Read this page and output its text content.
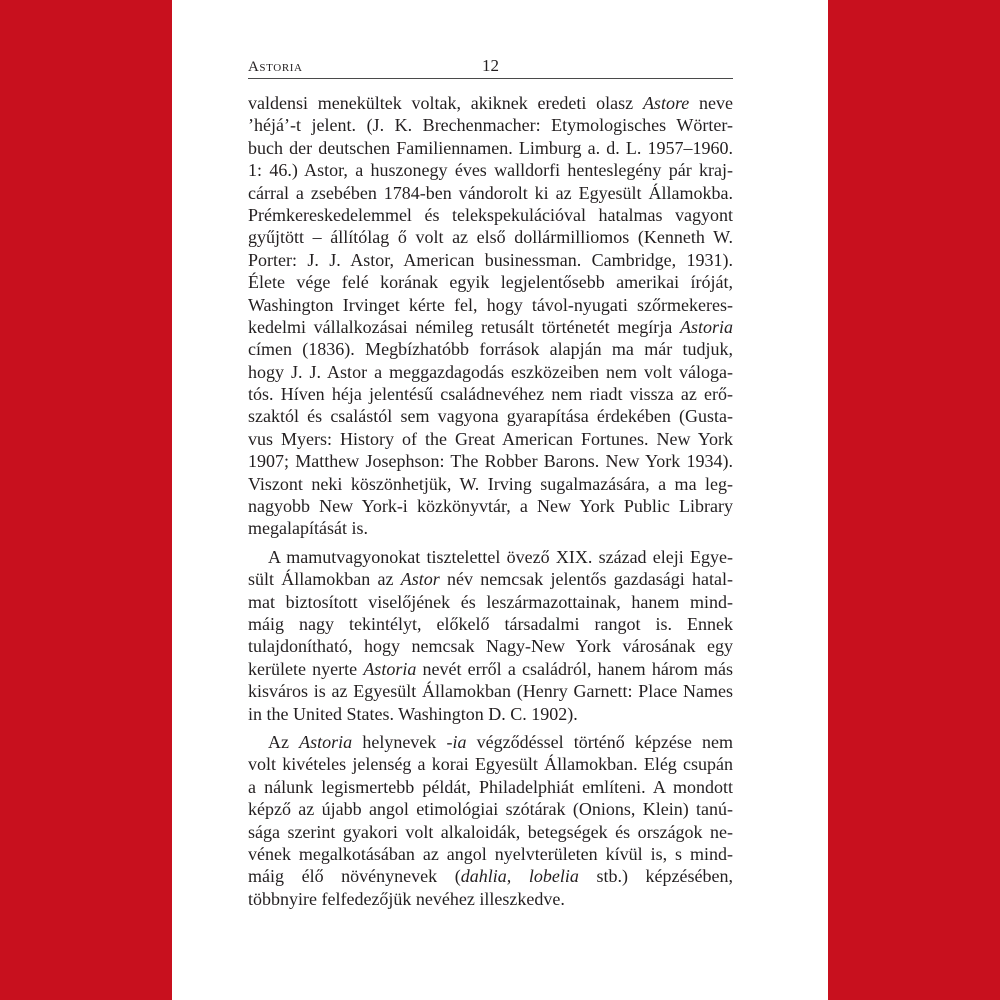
Astoria	12
valdensi menekültek voltak, akiknek eredeti olasz Astore neve
’héjá’-t jelent. (J. K. Brechenmacher: Etymologisches Wörter-
buch der deutschen Familiennamen. Limburg a. d. L. 1957–1960.
1: 46.) Astor, a huszonegy éves walldorfi henteslegény pár kraj-
cárral a zsebében 1784-ben vándorolt ki az Egyesült Államokba.
Prémkereskedelemmel és telekspekulációval hatalmas vagyont
gyűjtött – állítólag ő volt az első dollármilliomos (Kenneth W.
Porter: J. J. Astor, American businessman. Cambridge, 1931).
Élete vége felé korának egyik legjelentősebb amerikai íróját,
Washington Irvinget kérte fel, hogy távol-nyugati szőrmekeres-
kedelmi vállalkozásai némileg retusált történetét megírja Astoria
címen (1836). Megbízhatóbb források alapján ma már tudjuk,
hogy J. J. Astor a meggazdagodás eszközeiben nem volt váloga-
tós. Híven héja jelentésű családnevéhez nem riadt vissza az erő-
szaktól és csalástól sem vagyona gyarapítása érdekében (Gusta-
vus Myers: History of the Great American Fortunes. New York
1907; Matthew Josephson: The Robber Barons. New York 1934).
Viszont neki köszönhetjük, W. Irving sugalmazására, a ma leg-
nagyobb New York-i közkönyvtár, a New York Public Library
megalapítását is.
A mamutvagyonokat tisztelettel övező XIX. század eleji Egye-
sült Államokban az Astor név nemcsak jelentős gazdasági hatal-
mat biztosított viselőjének és leszármazottainak, hanem mind-
máig nagy tekintélyt, előkelő társadalmi rangot is. Ennek
tulajdonítható, hogy nemcsak Nagy-New York városának egy
kerülete nyerte Astoria nevét erről a családról, hanem három más
kisváros is az Egyesült Államokban (Henry Garnett: Place Names
in the United States. Washington D. C. 1902).
Az Astoria helynevek -ia végződéssel történő képzése nem
volt kivételes jelenség a korai Egyesült Államokban. Elég csupán
a nálunk legismertebb példát, Philadelphiát említeni. A mondott
képző az újabb angol etimológiai szótárak (Onions, Klein) tanú-
sága szerint gyakori volt alkaloidák, betegségek és országok ne-
vének megalkotásában az angol nyelvterületen kívül is, s mind-
máig élő növénynevek (dahlia, lobelia stb.) képzésében,
többnyire felfedezőjük nevéhez illeszkedve.
